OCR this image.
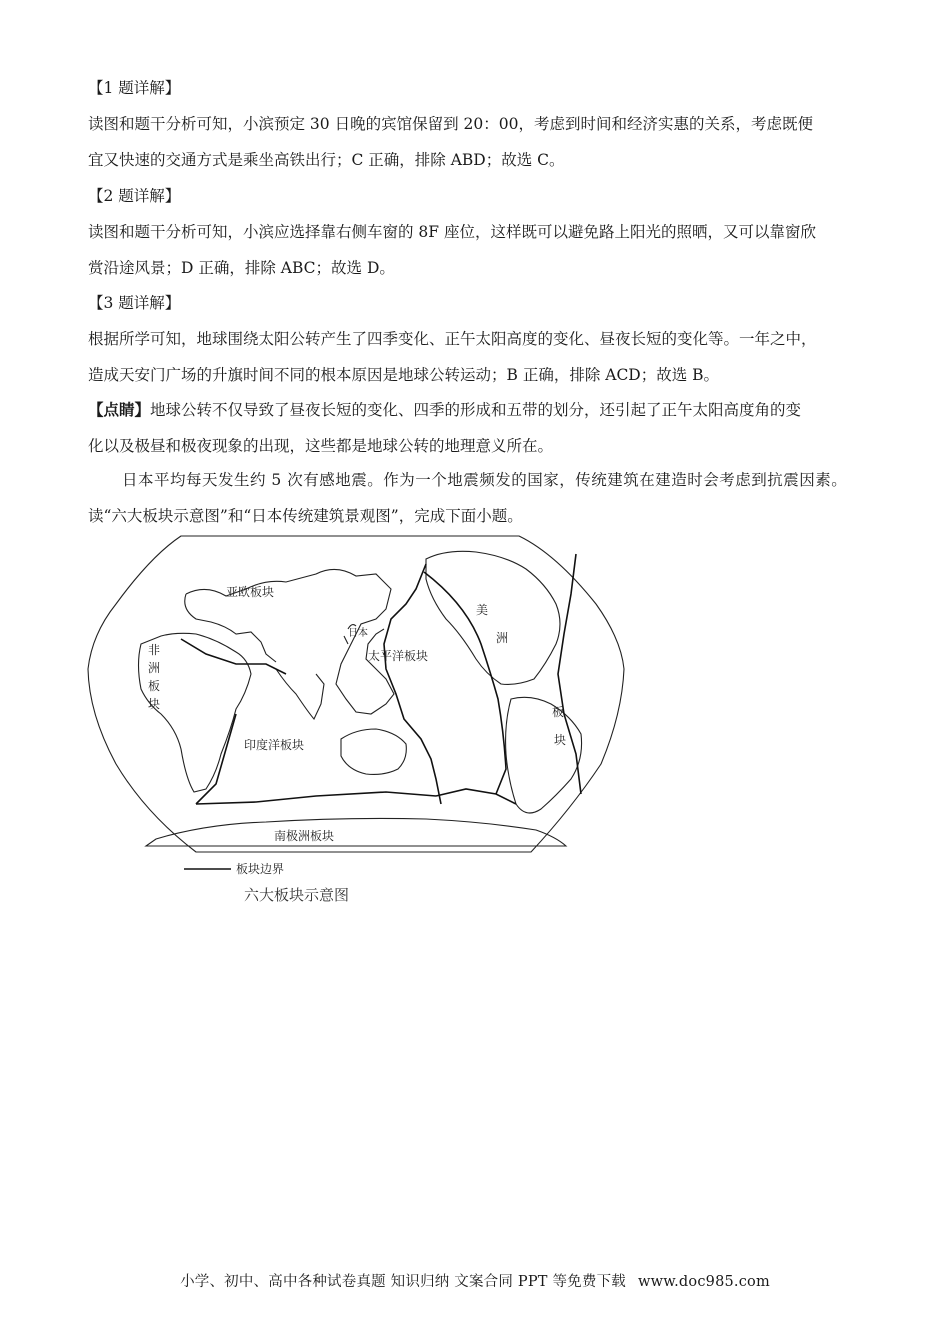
【1 题详解】
读图和题干分析可知，小滨预定 30 日晚的宾馆保留到 20：00，考虑到时间和经济实惠的关系，考虑既便
宜又快速的交通方式是乘坐高铁出行；C 正确，排除 ABD；故选 C。
【2 题详解】
读图和题干分析可知，小滨应选择靠右侧车窗的 8F 座位，这样既可以避免路上阳光的照晒，又可以靠窗欣
赏沿途风景；D 正确，排除 ABC；故选 D。
【3 题详解】
根据所学可知，地球围绕太阳公转产生了四季变化、正午太阳高度的变化、昼夜长短的变化等。一年之中，
造成天安门广场的升旗时间不同的根本原因是地球公转运动；B 正确，排除 ACD；故选 B。
【点睛】地球公转不仅导致了昼夜长短的变化、四季的形成和五带的划分，还引起了正午太阳高度角的变
化以及极昼和极夜现象的出现，这些都是地球公转的地理意义所在。
日本平均每天发生约 5 次有感地震。作为一个地震频发的国家，传统建筑在建造时会考虑到抗震因素。
读“六大板块示意图”和“日本传统建筑景观图”，完成下面小题。
亚欧板块
日本
太平洋板块
非
洲
板
块
美
洲
板
块
印度洋板块
南极洲板块
板块边界
六大板块示意图
小学、初中、高中各种试卷真题 知识归纳 文案合同 PPT 等免费下载 www.doc985.com
